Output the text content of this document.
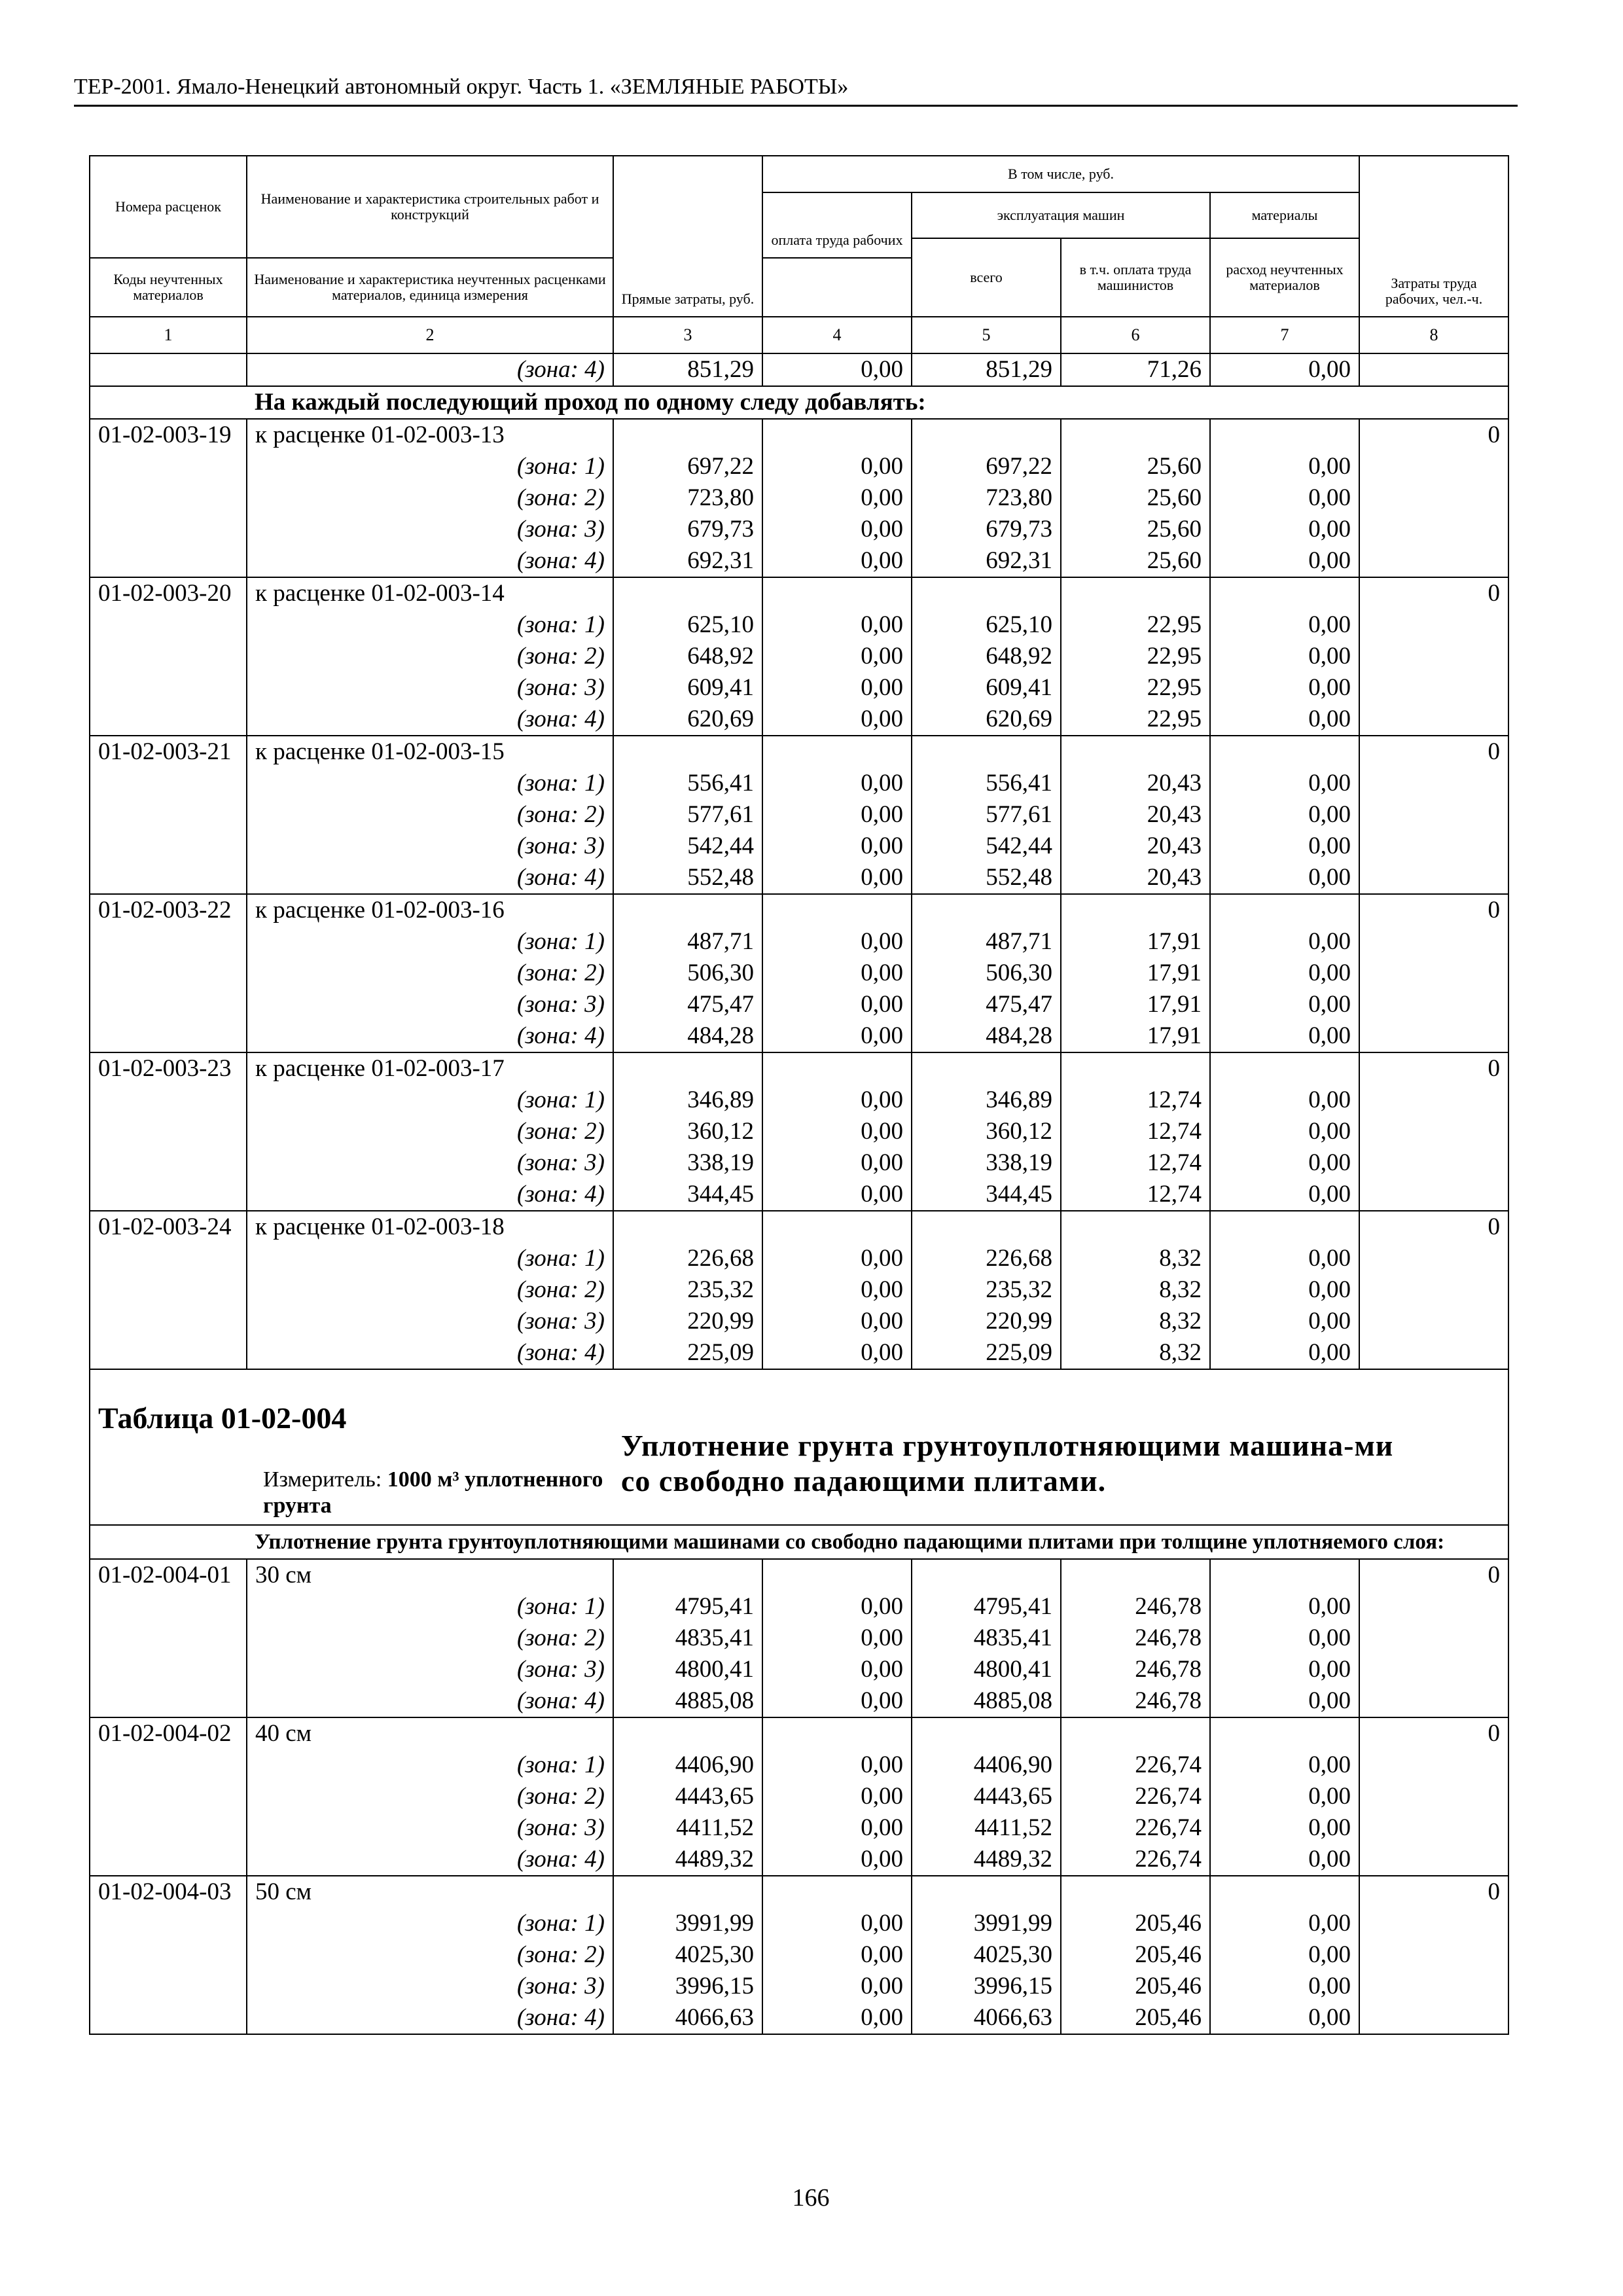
ТЕР-2001. Ямало-Ненецкий автономный округ. Часть 1. «ЗЕМЛЯНЫЕ РАБОТЫ»
Номера расценок	Наименование и характеристика строительных работ и конструкций	Прямые затраты, руб.	В том числе, руб.				Затраты труда рабочих, чел.-ч.
			оплата труда рабочих	эксплуатация машин		материалы	
				всего	в т.ч. оплата труда машинистов	расход неучтенных материалов	
Коды неучтенных материалов	Наименование и характеристика неучтенных расценками материалов, единица измерения						
1	2	3	4	5	6	7	8
	(зона: 4)	851,29	0,00	851,29	71,26	0,00	
	На каждый последующий проход по одному следу добавлять:						
01-02-003-19	к расценке 01-02-003-13						0
	(зона: 1)	697,22	0,00	697,22	25,60	0,00	
	(зона: 2)	723,80	0,00	723,80	25,60	0,00	
	(зона: 3)	679,73	0,00	679,73	25,60	0,00	
	(зона: 4)	692,31	0,00	692,31	25,60	0,00	
01-02-003-20	к расценке 01-02-003-14						0
	(зона: 1)	625,10	0,00	625,10	22,95	0,00	
	(зона: 2)	648,92	0,00	648,92	22,95	0,00	
	(зона: 3)	609,41	0,00	609,41	22,95	0,00	
	(зона: 4)	620,69	0,00	620,69	22,95	0,00	
01-02-003-21	к расценке 01-02-003-15						0
	(зона: 1)	556,41	0,00	556,41	20,43	0,00	
	(зона: 2)	577,61	0,00	577,61	20,43	0,00	
	(зона: 3)	542,44	0,00	542,44	20,43	0,00	
	(зона: 4)	552,48	0,00	552,48	20,43	0,00	
01-02-003-22	к расценке 01-02-003-16						0
	(зона: 1)	487,71	0,00	487,71	17,91	0,00	
	(зона: 2)	506,30	0,00	506,30	17,91	0,00	
	(зона: 3)	475,47	0,00	475,47	17,91	0,00	
	(зона: 4)	484,28	0,00	484,28	17,91	0,00	
01-02-003-23	к расценке 01-02-003-17						0
	(зона: 1)	346,89	0,00	346,89	12,74	0,00	
	(зона: 2)	360,12	0,00	360,12	12,74	0,00	
	(зона: 3)	338,19	0,00	338,19	12,74	0,00	
	(зона: 4)	344,45	0,00	344,45	12,74	0,00	
01-02-003-24	к расценке 01-02-003-18						0
	(зона: 1)	226,68	0,00	226,68	8,32	0,00	
	(зона: 2)	235,32	0,00	235,32	8,32	0,00	
	(зона: 3)	220,99	0,00	220,99	8,32	0,00	
	(зона: 4)	225,09	0,00	225,09	8,32	0,00	

Таблица 01-02-004
Измеритель: 1000 м³ уплотненного грунта		Уплотнение грунта грунтоуплотняющими машина-ми со свободно падающими плитами.					

	Уплотнение грунта грунтоуплотняющими машинами со свободно падающими плитами при толщине уплотняемого слоя:						

01-02-004-01	30 см						0
	(зона: 1)	4795,41	0,00	4795,41	246,78	0,00	
	(зона: 2)	4835,41	0,00	4835,41	246,78	0,00	
	(зона: 3)	4800,41	0,00	4800,41	246,78	0,00	
	(зона: 4)	4885,08	0,00	4885,08	246,78	0,00	
01-02-004-02	40 см						0
	(зона: 1)	4406,90	0,00	4406,90	226,74	0,00	
	(зона: 2)	4443,65	0,00	4443,65	226,74	0,00	
	(зона: 3)	4411,52	0,00	4411,52	226,74	0,00	
	(зона: 4)	4489,32	0,00	4489,32	226,74	0,00	
01-02-004-03	50 см						0
	(зона: 1)	3991,99	0,00	3991,99	205,46	0,00	
	(зона: 2)	4025,30	0,00	4025,30	205,46	0,00	
	(зона: 3)	3996,15	0,00	3996,15	205,46	0,00	
	(зона: 4)	4066,63	0,00	4066,63	205,46	0,00	
166
